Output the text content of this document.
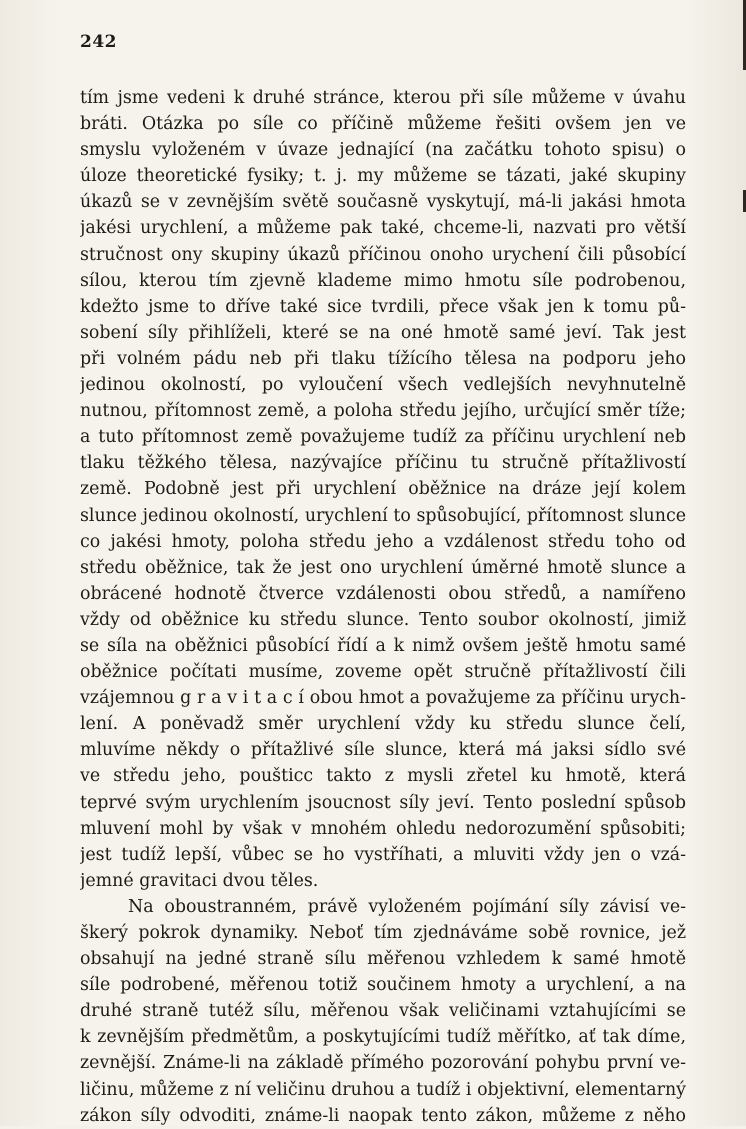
242
tím jsme vedeni k druhé stránce, kterou při síle můžeme v úvahu
bráti. Otázka po síle co příčině můžeme řešiti ovšem jen ve
smyslu vyloženém v úvaze jednající (na začátku tohoto spisu) o
úloze theoretické fysiky; t. j. my můžeme se tázati, jaké skupiny
úkazů se v zevnějším světě současně vyskytují, má-li jakási hmota
jakési urychlení, a můžeme pak také, chceme-li, nazvati pro větší
stručnost ony skupiny úkazů příčinou onoho urychení čili působící
sílou, kterou tím zjevně klademe mimo hmotu síle podrobenou,
kdežto jsme to dříve také sice tvrdili, přece však jen k tomu pů-
sobení síly přihlíželi, které se na oné hmotě samé jeví. Tak jest
při volném pádu neb při tlaku tížícího tělesa na podporu jeho
jedinou okolností, po vyloučení všech vedlejších nevyhnutelně
nutnou, přítomnost země, a poloha středu jejího, určující směr tíže;
a tuto přítomnost země považujeme tudíž za příčinu urychlení neb
tlaku těžkého tělesa, nazývajíce příčinu tu stručně přítažlivostí
země. Podobně jest při urychlení oběžnice na dráze její kolem
slunce jedinou okolností, urychlení to spůsobující, přítomnost slunce
co jakési hmoty, poloha středu jeho a vzdálenost středu toho od
středu oběžnice, tak že jest ono urychlení úměrné hmotě slunce a
obrácené hodnotě čtverce vzdálenosti obou středů, a namířeno
vždy od oběžnice ku středu slunce. Tento soubor okolností, jimiž
se síla na oběžnici působící řídí a k nimž ovšem ještě hmotu samé
oběžnice počítati musíme, zoveme opět stručně přítažlivostí čili
vzájemnou g r a v i t a c í obou hmot a považujeme za příčinu urych-
lení. A poněvadž směr urychlení vždy ku středu slunce čelí,
mluvíme někdy o přítažlivé síle slunce, která má jaksi sídlo své
ve středu jeho, poušticc takto z mysli zřetel ku hmotě, která
teprvé svým urychlením jsoucnost síly jeví. Tento poslední spůsob
mluvení mohl by však v mnohém ohledu nedorozumění spůsobiti;
jest tudíž lepší, vůbec se ho vystříhati, a mluviti vždy jen o vzá-
jemné gravitaci dvou těles.
Na oboustranném, právě vyloženém pojímání síly závisí ve-
škerý pokrok dynamiky. Neboť tím zjednáváme sobě rovnice, jež
obsahují na jedné straně sílu měřenou vzhledem k samé hmotě
síle podrobené, měřenou totiž součinem hmoty a urychlení, a na
druhé straně tutéž sílu, měřenou však veličinami vztahujícími se
k zevnějším předmětům, a poskytujícími tudíž měřítko, ať tak díme,
zevnější. Známe-li na základě přímého pozorování pohybu první ve-
ličinu, můžeme z ní veličinu druhou a tudíž i objektivní, elementarný
zákon síly odvoditi, známe-li naopak tento zákon, můžeme z něho
